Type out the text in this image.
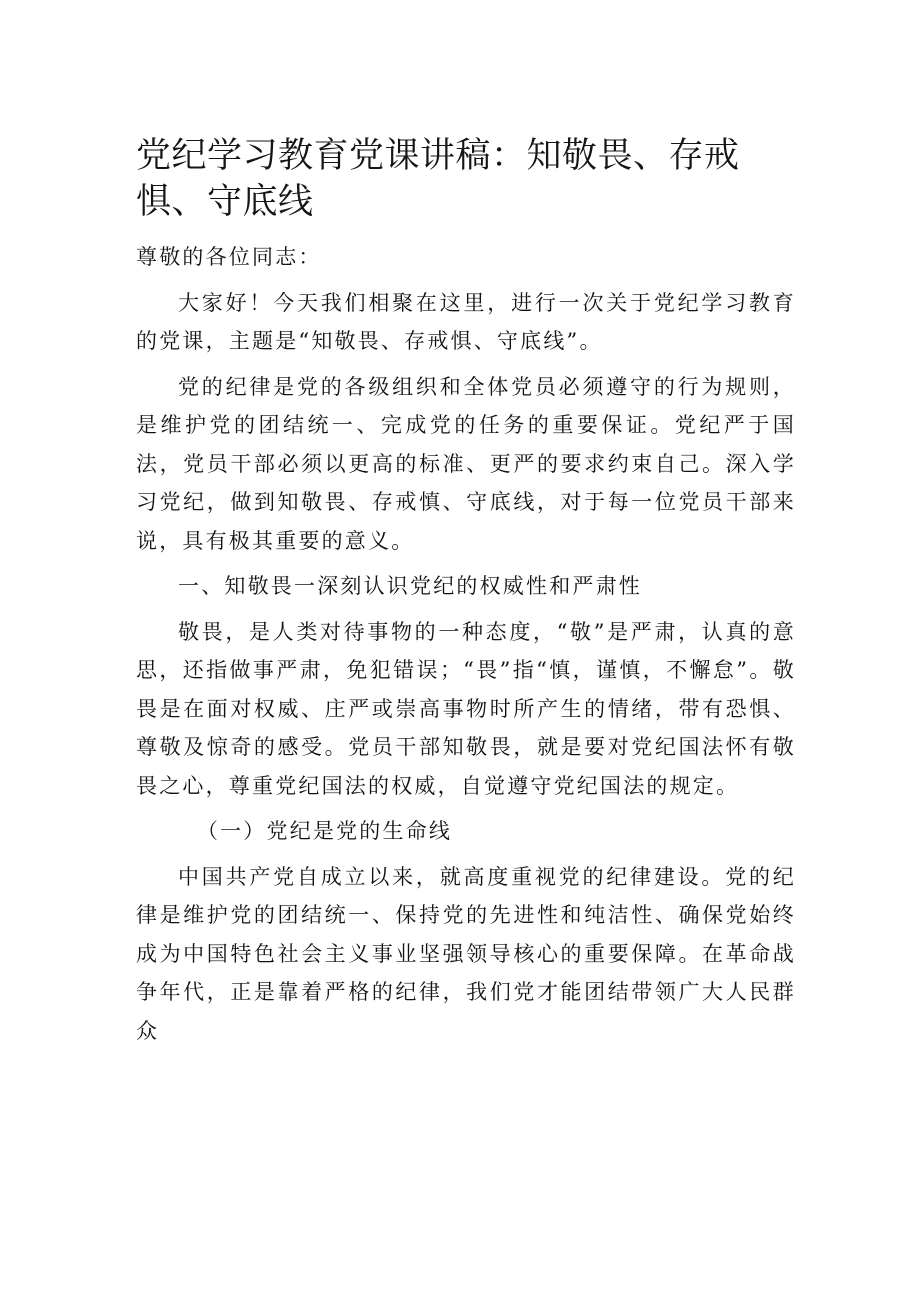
党纪学习教育党课讲稿：知敬畏、存戒惧、守底线

尊敬的各位同志：

大家好！今天我们相聚在这里，进行一次关于党纪学习教育的党课，主题是“知敬畏、存戒惧、守底线”。

党的纪律是党的各级组织和全体党员必须遵守的行为规则，是维护党的团结统一、完成党的任务的重要保证。党纪严于国法，党员干部必须以更高的标准、更严的要求约束自己。深入学习党纪，做到知敬畏、存戒慎、守底线，对于每一位党员干部来说，具有极其重要的意义。

一、知敬畏一深刻认识党纪的权威性和严肃性

敬畏，是人类对待事物的一种态度，“敬”是严肃，认真的意思，还指做事严肃，免犯错误；“畏”指“慎，谨慎，不懈怠”。敬畏是在面对权威、庄严或崇高事物时所产生的情绪，带有恐惧、尊敬及惊奇的感受。党员干部知敬畏，就是要对党纪国法怀有敬畏之心，尊重党纪国法的权威，自觉遵守党纪国法的规定。

（一）党纪是党的生命线

中国共产党自成立以来，就高度重视党的纪律建设。党的纪律是维护党的团结统一、保持党的先进性和纯洁性、确保党始终成为中国特色社会主义事业坚强领导核心的重要保障。在革命战争年代，正是靠着严格的纪律，我们党才能团结带领广大人民群众
